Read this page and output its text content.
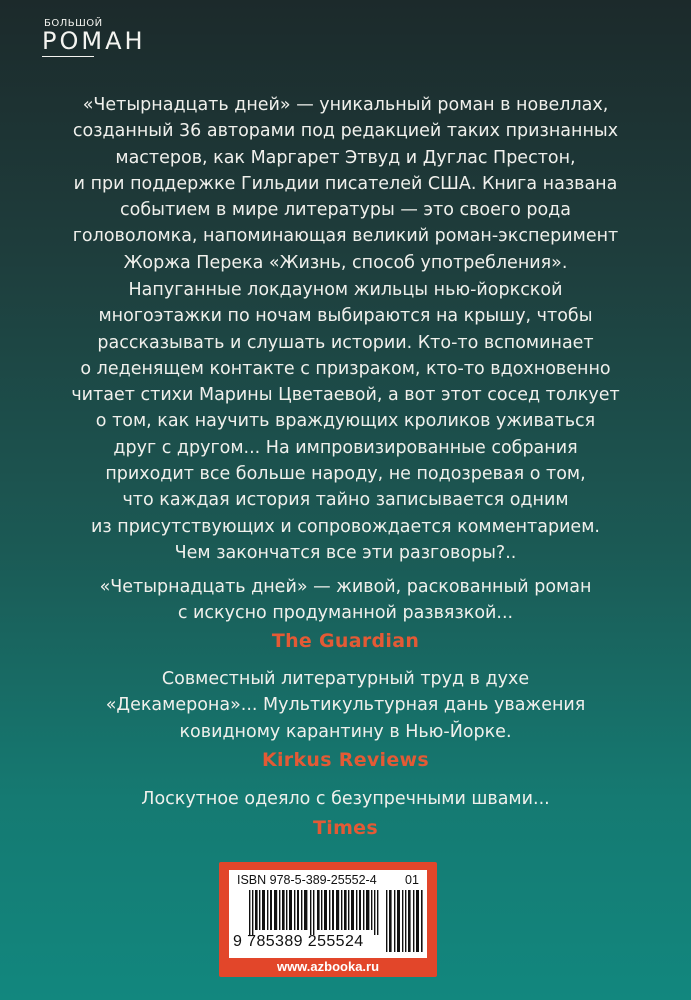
БОЛЬШОЙ
РОМАН

«Четырнадцать дней» — уникальный роман в новеллах,

созданный 36 авторами под редакцией таких признанных

мастеров, как Маргарет Этвуд и Дуглас Престон,

и при поддержке Гильдии писателей США. Книга названа

событием в мире литературы — это своего рода

головоломка, напоминающая великий роман-эксперимент

Жоржа Перека «Жизнь, способ употребления».

Напуганные локдауном жильцы нью-йоркской

многоэтажки по ночам выбираются на крышу, чтобы

рассказывать и слушать истории. Кто-то вспоминает

о леденящем контакте с призраком, кто-то вдохновенно

читает стихи Марины Цветаевой, а вот этот сосед толкует

о том, как научить враждующих кроликов уживаться

друг с другом... На импровизированные собрания

приходит все больше народу, не подозревая о том,

что каждая история тайно записывается одним

из присутствующих и сопровождается комментарием.

Чем закончатся все эти разговоры?..

«Четырнадцать дней» — живой, раскованный роман

с искусно продуманной развязкой...

The Guardian

Совместный литературный труд в духе

«Декамерона»... Мультикультурная дань уважения

ковидному карантину в Нью-Йорке.

Kirkus Reviews

Лоскутное одеяло с безупречными швами...

Times
ISBN 978-5-389-25552-4 01
9 785389 255524
www.azbooka.ru
